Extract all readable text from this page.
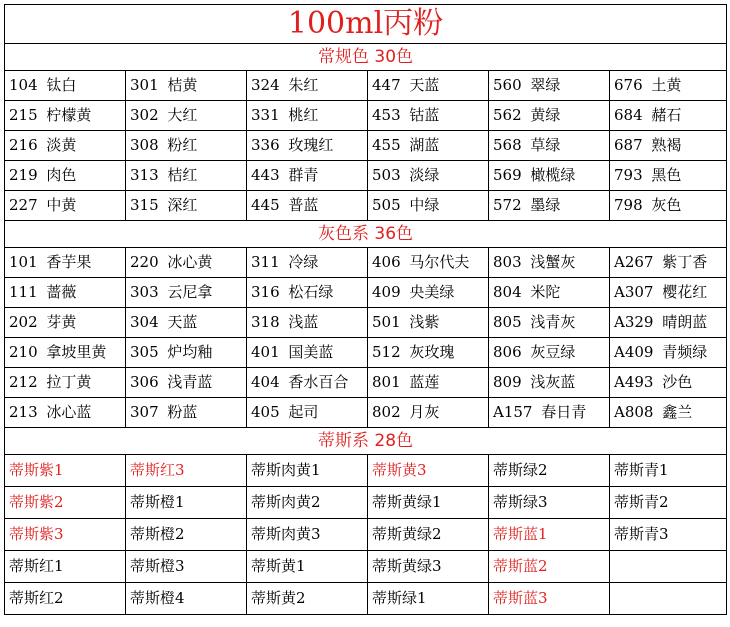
100ml丙粉					
常规色 30色					
104 钛白	301 桔黄	324 朱红	447 天蓝	560 翠绿	676 土黄
215 柠檬黄	302 大红	331 桃红	453 钴蓝	562 黄绿	684 赭石
216 淡黄	308 粉红	336 玫瑰红	455 湖蓝	568 草绿	687 熟褐
219 肉色	313 桔红	443 群青	503 淡绿	569 橄榄绿	793 黑色
227 中黄	315 深红	445 普蓝	505 中绿	572 墨绿	798 灰色
灰色系 36色					
101 香芋果	220 冰心黄	311 冷绿	406 马尔代夫	803 浅蟹灰	A267 紫丁香
111 蔷薇	303 云尼拿	316 松石绿	409 央美绿	804 米陀	A307 樱花红
202 芽黄	304 天蓝	318 浅蓝	501 浅紫	805 浅青灰	A329 晴朗蓝
210 拿坡里黄	305 炉均釉	401 国美蓝	512 灰玫瑰	806 灰豆绿	A409 青频绿
212 拉丁黄	306 浅青蓝	404 香水百合	801 蓝莲	809 浅灰蓝	A493 沙色
213 冰心蓝	307 粉蓝	405 起司	802 月灰	A157 春日青	A808 鑫兰
蒂斯系 28色					
蒂斯紫1	蒂斯红3	蒂斯肉黄1	蒂斯黄3	蒂斯绿2	蒂斯青1
蒂斯紫2	蒂斯橙1	蒂斯肉黄2	蒂斯黄绿1	蒂斯绿3	蒂斯青2
蒂斯紫3	蒂斯橙2	蒂斯肉黄3	蒂斯黄绿2	蒂斯蓝1	蒂斯青3
蒂斯红1	蒂斯橙3	蒂斯黄1	蒂斯黄绿3	蒂斯蓝2	
蒂斯红2	蒂斯橙4	蒂斯黄2	蒂斯绿1	蒂斯蓝3	
